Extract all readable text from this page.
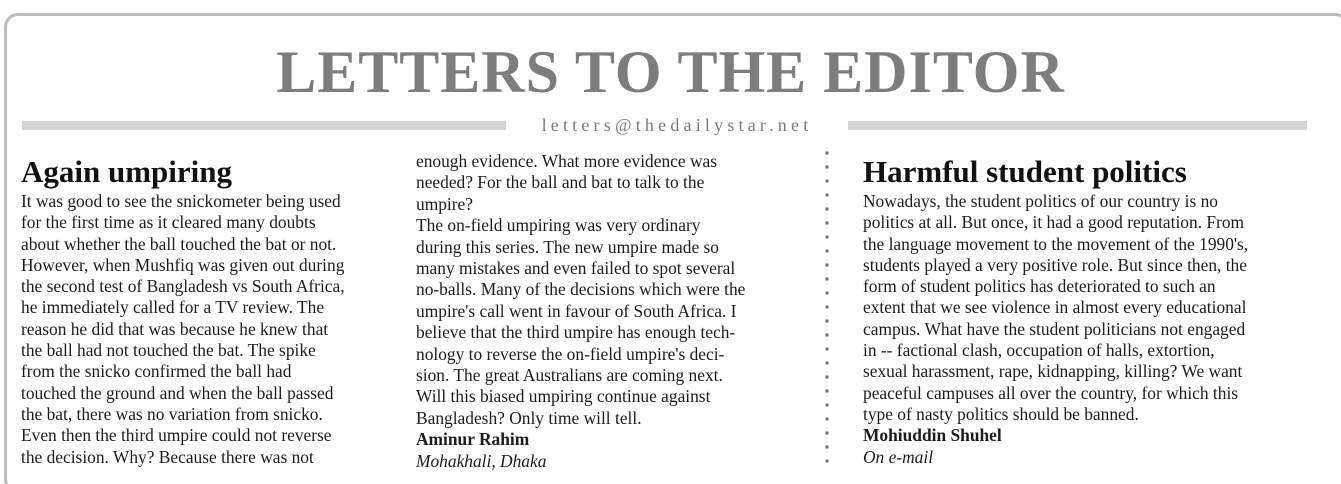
LETTERS TO THE EDITOR
letters@thedailystar.net
Again umpiring

It was good to see the snickometer being used
for the first time as it cleared many doubts
about whether the ball touched the bat or not.
However, when Mushfiq was given out during
the second test of Bangladesh vs South Africa,
he immediately called for a TV review. The
reason he did that was because he knew that
the ball had not touched the bat. The spike
from the snicko confirmed the ball had
touched the ground and when the ball passed
the bat, there was no variation from snicko.
Even then the third umpire could not reverse
the decision. Why? Because there was not

enough evidence. What more evidence was
needed? For the ball and bat to talk to the
umpire?
The on-field umpiring was very ordinary
during this series. The new umpire made so
many mistakes and even failed to spot several
no-balls. Many of the decisions which were the
umpire's call went in favour of South Africa. I
believe that the third umpire has enough tech-
nology to reverse the on-field umpire's deci-
sion. The great Australians are coming next.
Will this biased umpiring continue against
Bangladesh? Only time will tell.

Aminur Rahim
Mohakhali, Dhaka
Harmful student politics

Nowadays, the student politics of our country is no
politics at all. But once, it had a good reputation. From
the language movement to the movement of the 1990's,
students played a very positive role. But since then, the
form of student politics has deteriorated to such an
extent that we see violence in almost every educational
campus. What have the student politicians not engaged
in -- factional clash, occupation of halls, extortion,
sexual harassment, rape, kidnapping, killing? We want
peaceful campuses all over the country, for which this
type of nasty politics should be banned.

Mohiuddin Shuhel
On e-mail
